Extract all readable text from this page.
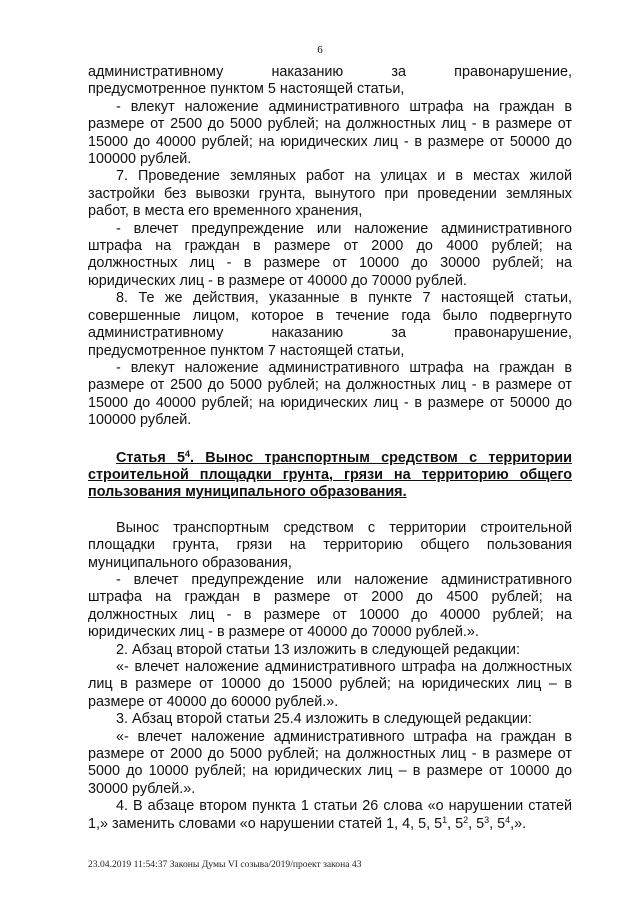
6

административному наказанию за правонарушение,

предусмотренное пунктом 5 настоящей статьи,

- влекут наложение административного штрафа на граждан в размере от 2500 до 5000 рублей; на должностных лиц - в размере от 15000 до 40000 рублей; на юридических лиц - в размере от 50000 до 100000 рублей.

7. Проведение земляных работ на улицах и в местах жилой застройки без вывозки грунта, вынутого при проведении земляных работ, в места его временного хранения,

- влечет предупреждение или наложение административного штрафа на граждан в размере от 2000 до 4000 рублей; на должностных лиц - в размере от 10000 до 30000 рублей; на юридических лиц - в размере от 40000 до 70000 рублей.

8. Те же действия, указанные в пункте 7 настоящей статьи,

совершенные лицом, которое в течение года было подвергнуто

административному наказанию за правонарушение,

предусмотренное пунктом 7 настоящей статьи,

- влекут наложение административного штрафа на граждан в размере от 2500 до 5000 рублей; на должностных лиц - в размере от 15000 до 40000 рублей; на юридических лиц - в размере от 50000 до 100000 рублей.

Статья $5^4$. Вынос транспортным средством с территории строительной площадки грунта, грязи на территорию общего пользования муниципального образования.

Вынос транспортным средством с территории строительной площадки грунта, грязи на территорию общего пользования муниципального образования,

- влечет предупреждение или наложение административного штрафа на граждан в размере от 2000 до 4500 рублей; на должностных лиц - в размере от 10000 до 40000 рублей; на юридических лиц - в размере от 40000 до 70000 рублей.».

2. Абзац второй статьи 13 изложить в следующей редакции:

«- влечет наложение административного штрафа на должностных лиц в размере от 10000 до 15000 рублей; на юридических лиц – в размере от 40000 до 60000 рублей.».

3. Абзац второй статьи 25.4 изложить в следующей редакции:

«- влечет наложение административного штрафа на граждан в размере от 2000 до 5000 рублей; на должностных лиц - в размере от 5000 до 10000 рублей; на юридических лиц – в размере от 10000 до 30000 рублей.».

4. В абзаце втором пункта 1 статьи 26 слова «о нарушении статей 1,» заменить словами «о нарушении статей 1, 4, 5, $5^1$, $5^2$, $5^3$, $5^4$,».

23.04.2019 11:54:37 Законы Думы VI созыва/2019/проект закона 43
